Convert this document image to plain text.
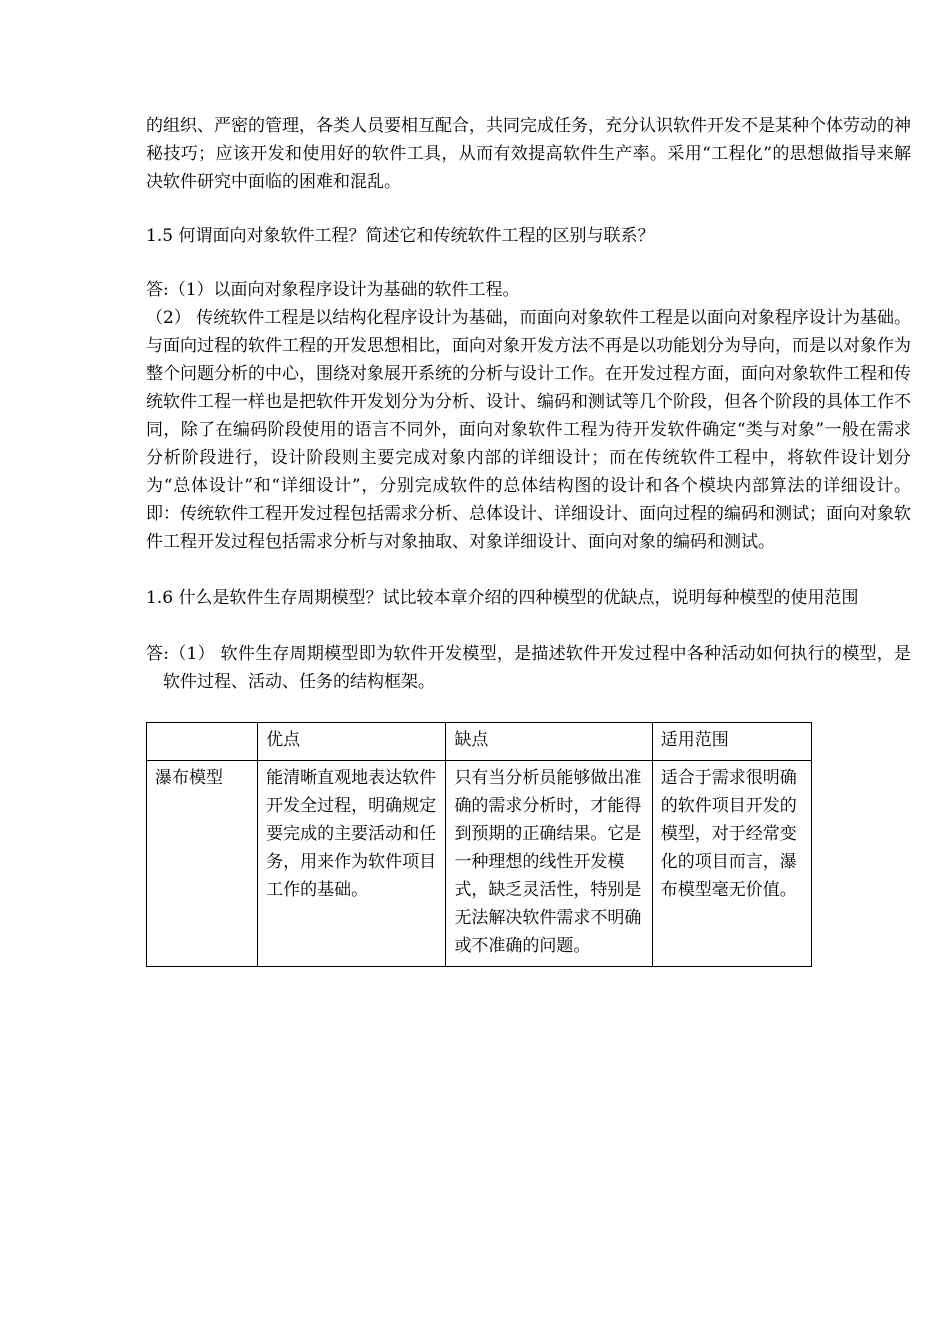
的组织、严密的管理，各类人员要相互配合，共同完成任务，充分认识软件开发不是某种个体劳动的神秘技巧；应该开发和使用好的软件工具，从而有效提高软件生产率。采用“工程化”的思想做指导来解决软件研究中面临的困难和混乱。

1.5 何谓面向对象软件工程？简述它和传统软件工程的区别与联系？

答:（1）以面向对象程序设计为基础的软件工程。

（2） 传统软件工程是以结构化程序设计为基础，而面向对象软件工程是以面向对象程序设计为基础。与面向过程的软件工程的开发思想相比，面向对象开发方法不再是以功能划分为导向，而是以对象作为整个问题分析的中心，围绕对象展开系统的分析与设计工作。在开发过程方面，面向对象软件工程和传统软件工程一样也是把软件开发划分为分析、设计、编码和测试等几个阶段，但各个阶段的具体工作不同，除了在编码阶段使用的语言不同外，面向对象软件工程为待开发软件确定“类与对象”一般在需求分析阶段进行，设计阶段则主要完成对象内部的详细设计；而在传统软件工程中，将软件设计划分为“总体设计”和“详细设计”，分别完成软件的总体结构图的设计和各个模块内部算法的详细设计。即：传统软件工程开发过程包括需求分析、总体设计、详细设计、面向过程的编码和测试；面向对象软件工程开发过程包括需求分析与对象抽取、对象详细设计、面向对象的编码和测试。

1.6 什么是软件生存周期模型？试比较本章介绍的四种模型的优缺点，说明每种模型的使用范围

答:（1） 软件生存周期模型即为软件开发模型，是描述软件开发过程中各种活动如何执行的模型，是软件过程、活动、任务的结构框架。

	优点	缺点	适用范围
瀑布模型	能清晰直观地表达软件开发全过程，明确规定要完成的主要活动和任务，用来作为软件项目工作的基础。	只有当分析员能够做出准确的需求分析时，才能得到预期的正确结果。它是一种理想的线性开发模式，缺乏灵活性，特别是无法解决软件需求不明确或不准确的问题。	适合于需求很明确的软件项目开发的模型，对于经常变化的项目而言，瀑布模型毫无价值。
